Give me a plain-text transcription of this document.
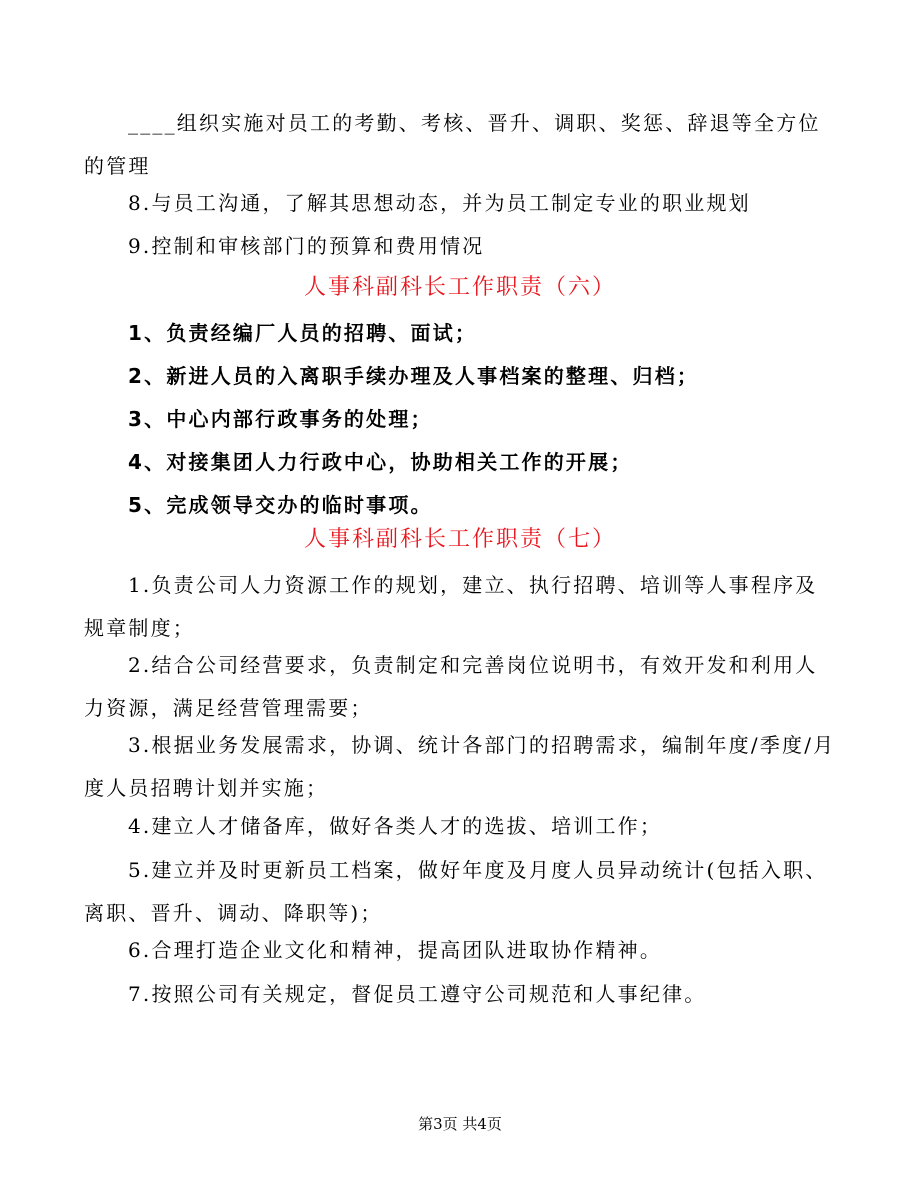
____组织实施对员工的考勤、考核、晋升、调职、奖惩、辞退等全方位的管理
8.与员工沟通，了解其思想动态，并为员工制定专业的职业规划
9.控制和审核部门的预算和费用情况
人事科副科长工作职责（六）
1、负责经编厂人员的招聘、面试；
2、新进人员的入离职手续办理及人事档案的整理、归档；
3、中心内部行政事务的处理；
4、对接集团人力行政中心，协助相关工作的开展；
5、完成领导交办的临时事项。
人事科副科长工作职责（七）
1.负责公司人力资源工作的规划，建立、执行招聘、培训等人事程序及规章制度；
2.结合公司经营要求，负责制定和完善岗位说明书，有效开发和利用人力资源，满足经营管理需要；
3.根据业务发展需求，协调、统计各部门的招聘需求，编制年度/季度/月度人员招聘计划并实施；
4.建立人才储备库，做好各类人才的选拔、培训工作；
5.建立并及时更新员工档案，做好年度及月度人员异动统计(包括入职、离职、晋升、调动、降职等)；
6.合理打造企业文化和精神，提高团队进取协作精神。
7.按照公司有关规定，督促员工遵守公司规范和人事纪律。
第3页 共4页
